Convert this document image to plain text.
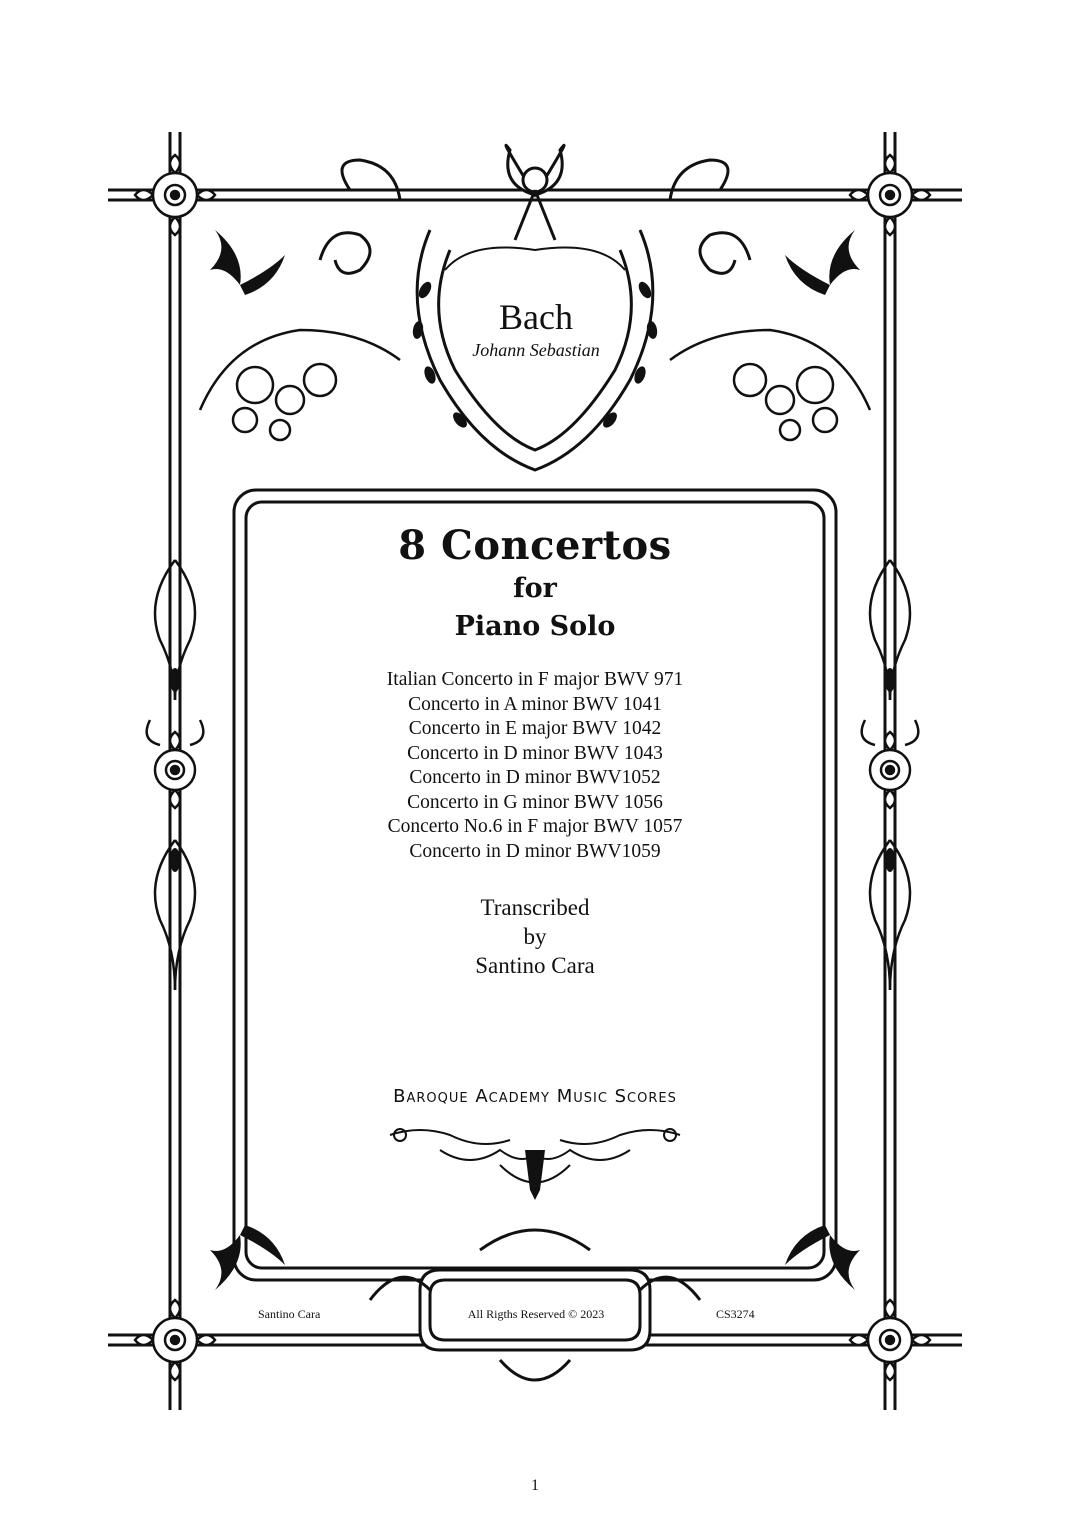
Bach
Johann Sebastian
8 Concertos
for
Piano Solo
Italian Concerto in F major BWV 971
Concerto in A minor BWV 1041
Concerto in E major BWV 1042
Concerto in D minor BWV 1043
Concerto in D minor BWV1052
Concerto in G minor BWV 1056
Concerto No.6 in F major BWV 1057
Concerto in D minor BWV1059
Transcribed
by
Santino Cara
Baroque Academy Music Scores
Santino Cara	All Rigths Reserved © 2023	CS3274
1
